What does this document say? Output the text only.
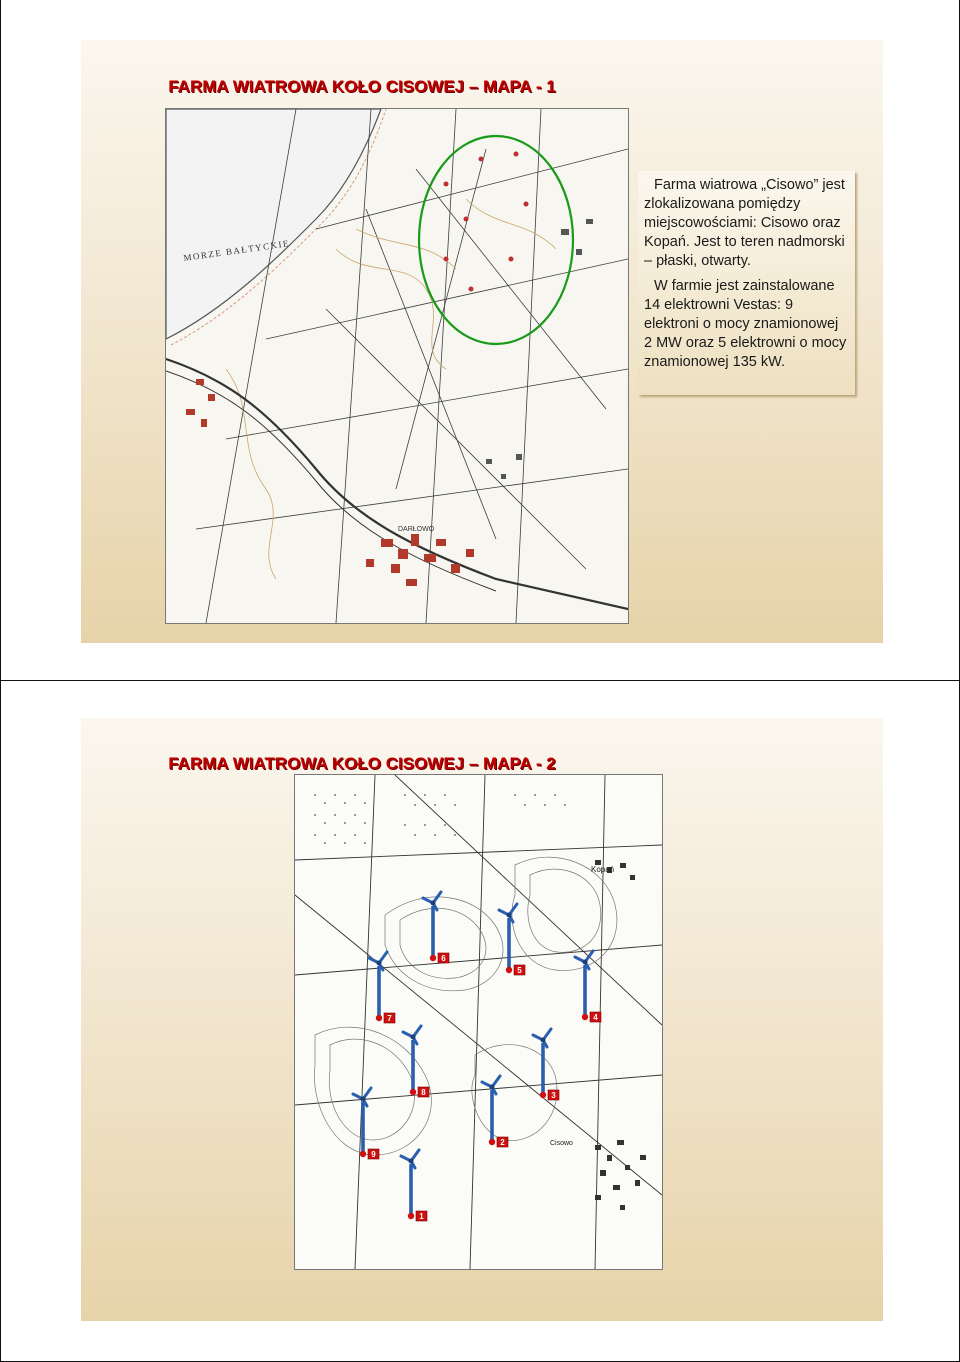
FARMA WIATROWA KOŁO CISOWEJ – MAPA - 1
MORZE BAŁTYCKIE
DARŁOWO

Farma wiatrowa „Cisowo” jest zlokalizowana pomiędzy miejscowościami: Cisowo oraz Kopań. Jest to teren nadmorski – płaski, otwarty.

W farmie jest zainstalowane 14 elektrowni Vestas: 9 elektroni o mocy znamionowej 2 MW oraz 5 elektrowni o mocy znamionowej 135 kW.

FARMA WIATROWA KOŁO CISOWEJ – MAPA - 2
Kopań
Cisowo
1
2
3
4
5
6
7
8
9
